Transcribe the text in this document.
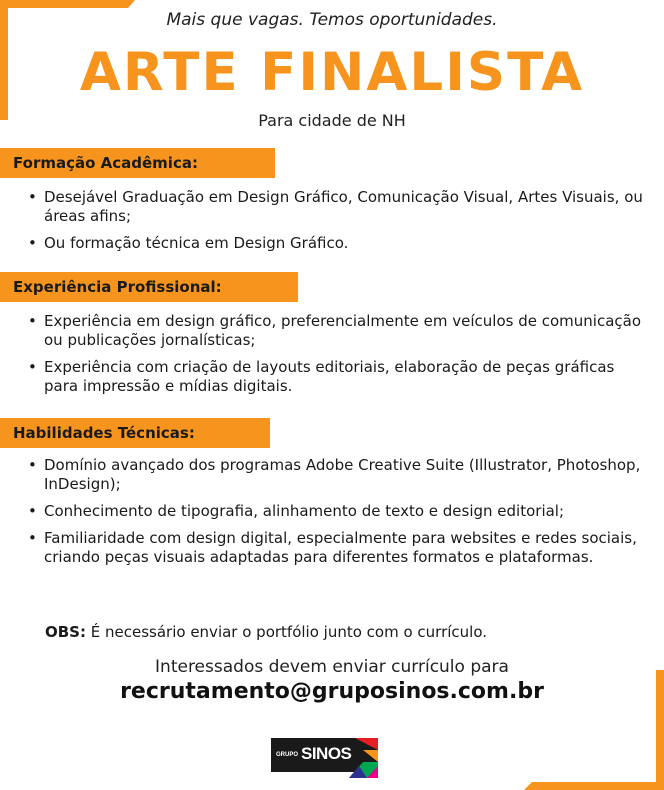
Mais que vagas. Temos oportunidades.
ARTE FINALISTA
Para cidade de NH
Formação Acadêmica:
• Desejável Graduação em Design Gráfico, Comunicação Visual, Artes Visuais, ou áreas afins;
• Ou formação técnica em Design Gráfico.
Experiência Profissional:
• Experiência em design gráfico, preferencialmente em veículos de comunicação ou publicações jornalísticas;
• Experiência com criação de layouts editoriais, elaboração de peças gráficas para impressão e mídias digitais.
Habilidades Técnicas:
• Domínio avançado dos programas Adobe Creative Suite (Illustrator, Photoshop, InDesign);
• Conhecimento de tipografia, alinhamento de texto e design editorial;
• Familiaridade com design digital, especialmente para websites e redes sociais, criando peças visuais adaptadas para diferentes formatos e plataformas.
OBS: É necessário enviar o portfólio junto com o currículo.
Interessados devem enviar currículo para
recrutamento@gruposinos.com.br
GRUPO SINOS
